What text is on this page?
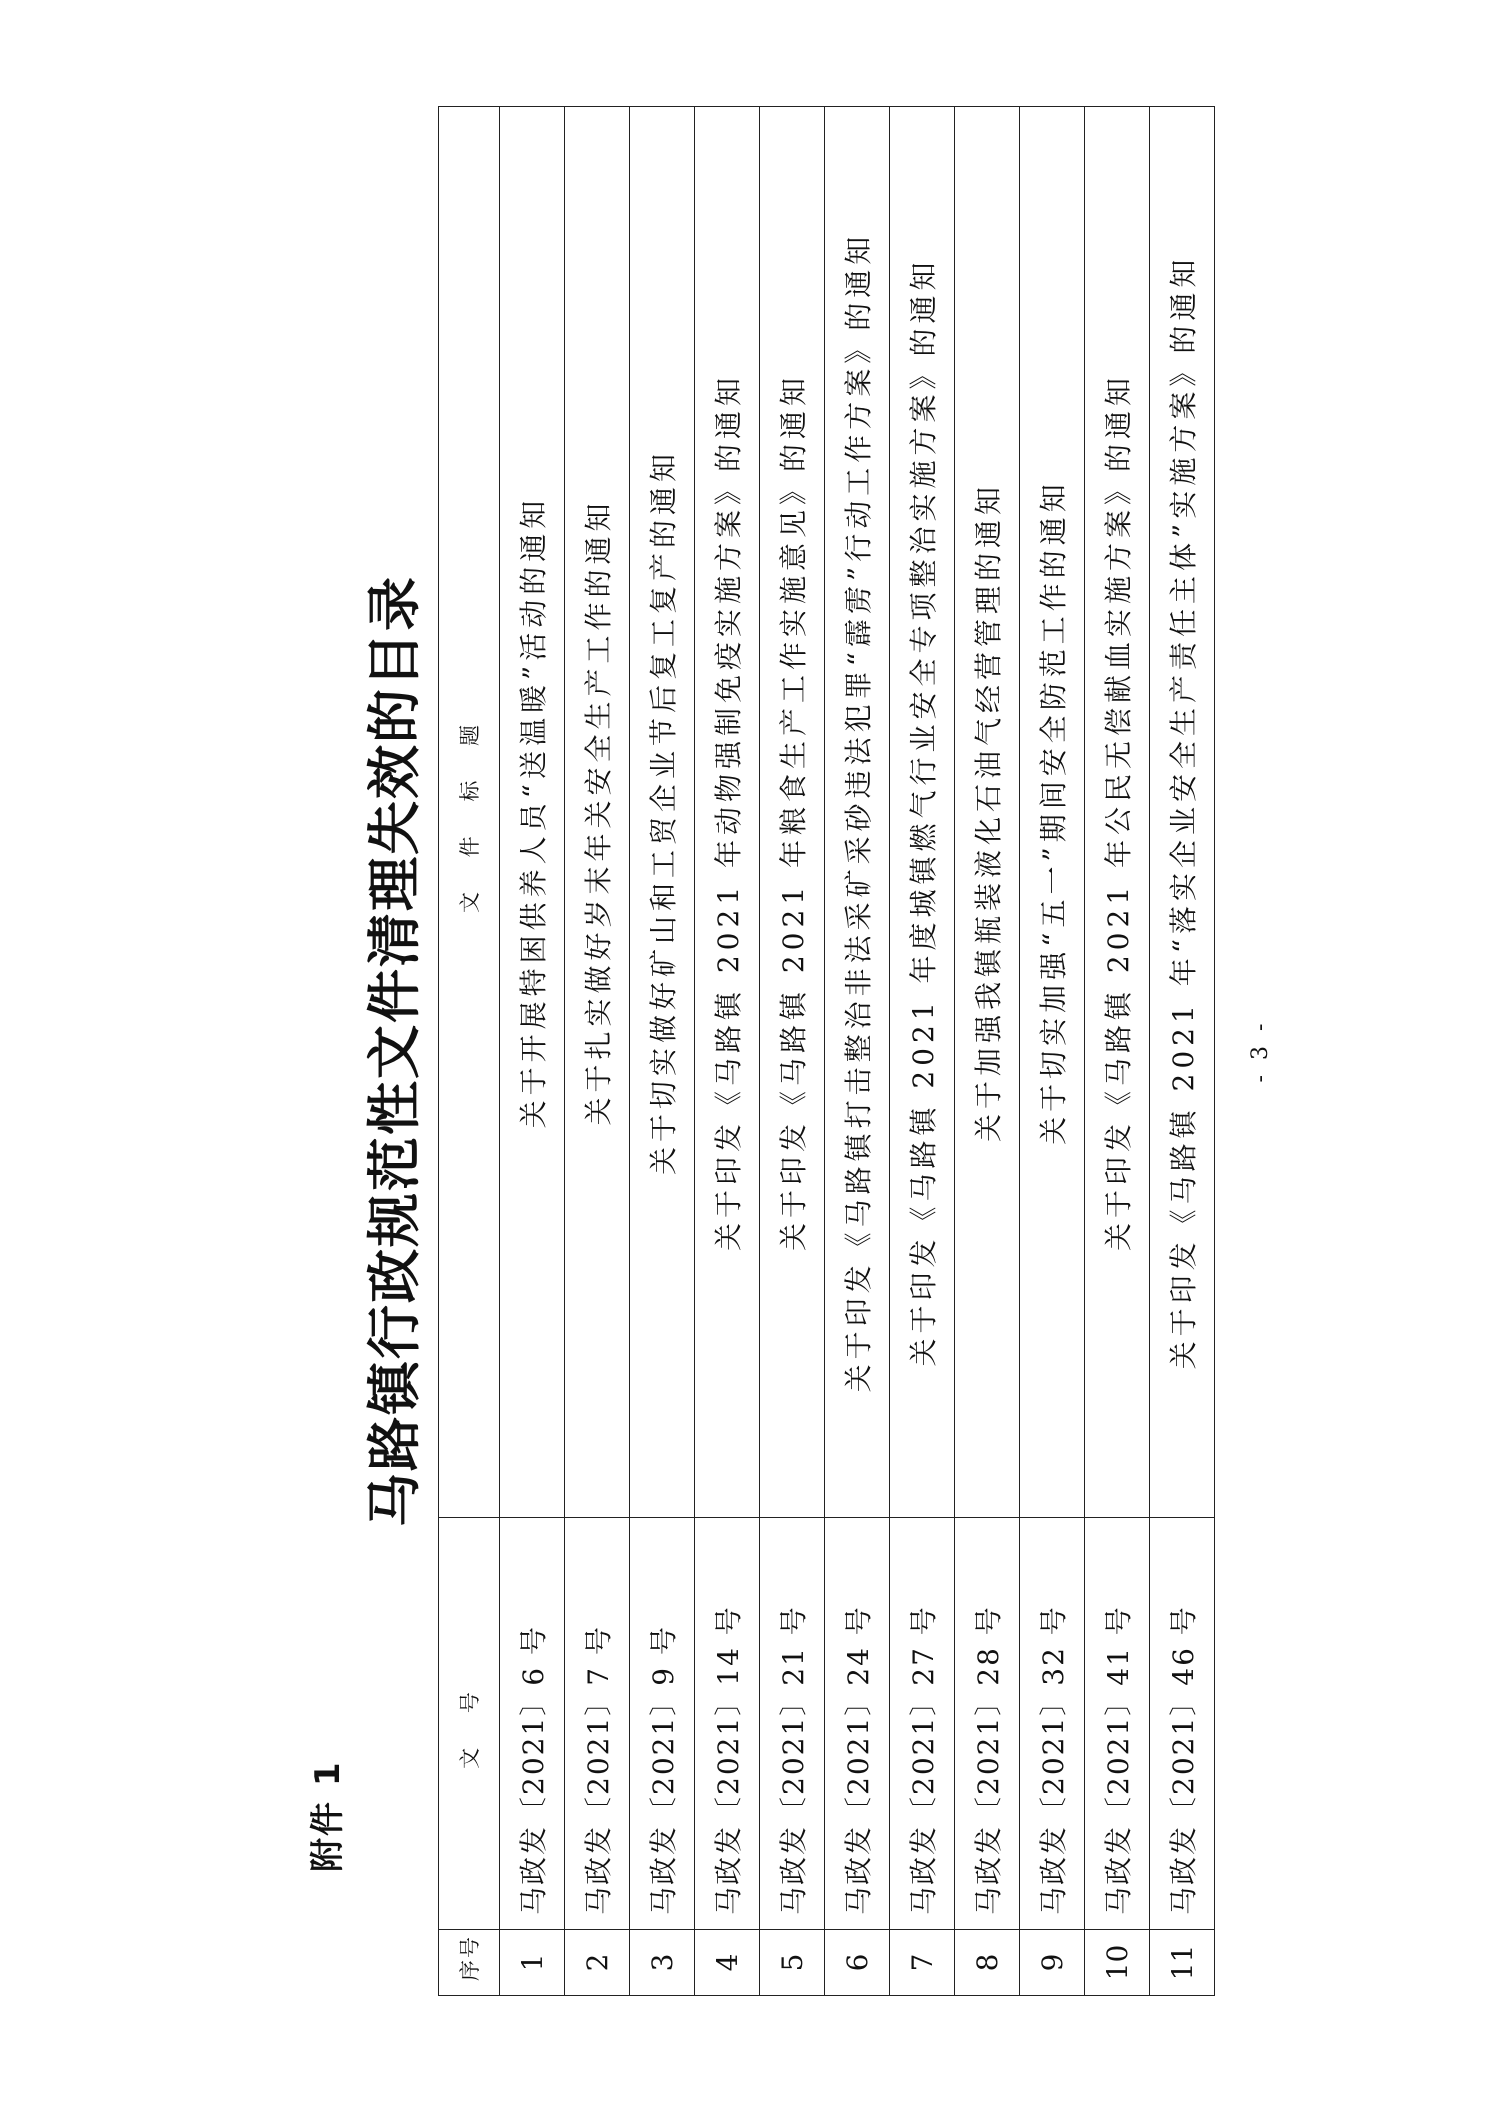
附件 1
马路镇行政规范性文件清理失效的目录
序号	文 号	文 件 标 题
1	马政发〔2021〕6 号	关于开展特困供养人员“送温暖”活动的通知
2	马政发〔2021〕7 号	关于扎实做好岁末年关安全生产工作的通知
3	马政发〔2021〕9 号	关于切实做好矿山和工贸企业节后复工复产的通知
4	马政发〔2021〕14 号	关于印发《马路镇 2021 年动物强制免疫实施方案》的通知
5	马政发〔2021〕21 号	关于印发《马路镇 2021 年粮食生产工作实施意见》的通知
6	马政发〔2021〕24 号	关于印发《马路镇打击整治非法采矿采砂违法犯罪“霹雳”行动工作方案》的通知
7	马政发〔2021〕27 号	关于印发《马路镇 2021 年度城镇燃气行业安全专项整治实施方案》的通知
8	马政发〔2021〕28 号	关于加强我镇瓶装液化石油气经营管理的通知
9	马政发〔2021〕32 号	关于切实加强“五一”期间安全防范工作的通知
10	马政发〔2021〕41 号	关于印发《马路镇 2021 年公民无偿献血实施方案》的通知
11	马政发〔2021〕46 号	关于印发《马路镇 2021 年“落实企业安全生产责任主体”实施方案》的通知 - 3 -
